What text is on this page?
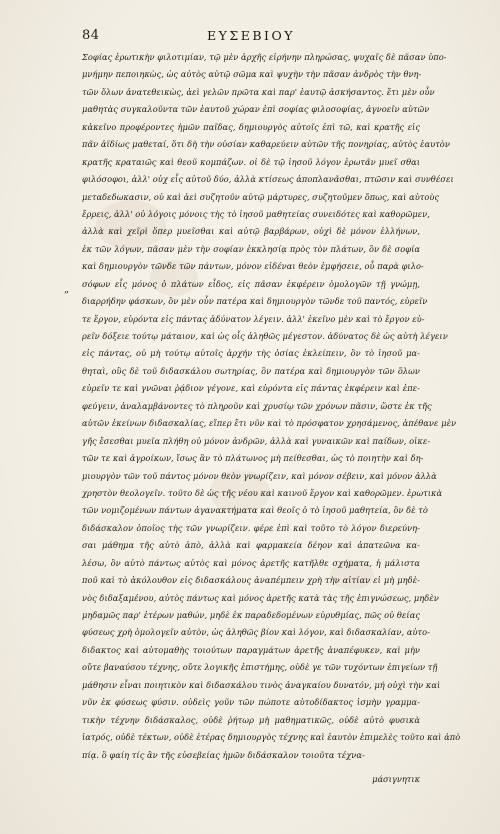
84	ΕΥΣΕΒΙΟΥ
„
Σοφίας ἐρωτικὴν φιλοτιμίαν, τῷ μὲν ἀρχῆς εἰρήνην πληρώσας, ψυχαῖς δὲ πᾶσαν ὑπο-
μνήμην πεποιηκὼς, ὡς αὐτὸς αὐτῷ σῶμα καὶ ψυχὴν τὴν πᾶσαν ἀνδρὸς τὴν θνη-
τῶν ὅλων ἀνατεθεικὼς, ἀεὶ γελῶν πρῶτα καὶ παρ' ἑαυτῷ ἀσκήσαντος. ἔτι μὲν οὖν
μαθητὰς συγκαλοῦντα τῶν ἑαυτοῦ χώραν ἐπὶ σοφίας φιλοσοφίας, ἀγνοεῖν αὐτῶν
κἀκεῖνο προφέροντες ἡμῶν παῖδας, δημιουργὸς αὐτοῖς ἐπὶ τῶ, καὶ κρατῆς εἰς
πᾶν ἀϊδίως μαθεταί, ὅτι δὴ τὴν οὐσίαν καθαρεύειν αὐτῶν τῆς πονηρίας, αὐτὸς ἑαυτὸν
κρατῆς κραταιῶς καὶ θεοῦ κομπάζων. οἱ δὲ τῷ ἰησοῦ λόγον ἐρωτᾶν μυεῖ σθαι
φιλόσοφοι, ἀλλ' οὐχ εἷς αὐτοῦ δύο, ἀλλὰ κτίσεως ἀποπλανᾶσθαι, πτῶσιν καὶ συνθέσει
μεταδεδωκασιν, οὐ καὶ ἀεὶ συζητοῦν αὐτῷ μάρτυρες, συζητοῦμεν ὅπως, καὶ αὐτοὺς
ἔρρεις, ἀλλ' οὐ λόγοις μόνοις τὴς τὸ ἰησοῦ μαθητείας συνειδότες καὶ καθορῶμεν,
ἀλλὰ καὶ χεῖρὶ ὅπερ μυεῖσθαι καὶ αὐτῷ βαρβάρων, οὐχὶ δὲ μόνον ἑλλήνων,
ἐκ τῶν λόγων, πᾶσαν μὲν τὴν σοφίαν ἐκκλησίᾳ πρὸς τὸν πλάτων, ὃν δὲ σοφία
καὶ δημιουργὸν τῶνδε τῶν πάντων, μόνον εἰδέναι θεὸν ἐμφήσειε, οὗ παρὰ φιλο-
σόφων εἷς μόνος ὁ πλάτων εἶδος, εἰς πᾶσαν ἐκφέρειν ὁμολογῶν τῇ γνώμῃ,
διαρρήδην φάσκων, ὃν μὲν οὖν πατέρα καὶ δημιουργὸν τῶνδε τοῦ παντός, εὑρεῖν
τε ἔργον, εὑρόντα εἰς πάντας ἀδύνατον λέγειν. ἀλλ' ἐκεῖνο μὲν καὶ τὸ ἔργον εὑ-
ρεῖν δόξειε τούτῳ μάταιον, καὶ ὡς οἷς ἀληθῶς μέγεστον. ἀδύνατος δὲ ὡς αὐτὴ λέγειν
εἰς πάντας, οὐ μὴ τούτῳ αὐτοῖς ἀρχήν τὴς ὁσίας ἐκλείπειν, ὃν τὸ ἰησοῦ μα-
θηταὶ, οὓς δὲ τοῦ διδασκάλου σωτηρίας, ὃν πατέρα καὶ δημιουργὸν τῶν ὅλων
εὑρεῖν τε καὶ γνῶναι ῥᾴδιον γέγονε, καὶ εὑρόντα εἰς πάντας ἐκφέρειν καὶ ἐπε-
φεύγειν, ἀναλαμβάνοντες τὸ πληροῦν καὶ χρυσίῳ τῶν χρόνων πᾶσιν, ὥστε ἐκ τῆς
αὐτῶν ἐκείνων διδασκαλίας, εἴπερ ἔτι νῦν καὶ τὸ πρόσφατον χρησάμενος, ἀπέθανε μὲν
γῆς ἔσεσθαι μυεῖα πλήθη οὐ μόνον ἀνδρῶν, ἀλλὰ καὶ γυναικῶν καὶ παίδων, οἰκε-
τῶν τε καὶ ἀγροίκων, ἴσως ἂν τὸ πλάτωνος μὴ πείθεσθαι, ὡς τὸ ποιητὴν καὶ δη-
μιουργὸν τῶν τοῦ πάντος μόνον θεὸν γνωρίζειν, καὶ μόνον σέβειν, καὶ μόνον ἀλλὰ
χρηστὸν θεολογεῖν. τοῦτο δὲ ὡς τῆς νέου καὶ καινοῦ ἔργον καὶ καθορῶμεν. ἐρωτικὰ
τῶν νομιζομένων πάντων ἀγανακτήματα καὶ θεοῖς ὁ τὸ ἰησοῦ μαθητεία, ὃν δὲ τὸ
διδάσκαλον ὁποῖος τὴς τῶν γνωρίζειν. φέρε ἐπὶ καὶ τοῦτο τὸ λόγον διερεύνη-
σαι μάθημα τῆς αὐτὸ ἀπὸ, ἀλλὰ καὶ φαρμακεία δέηον καὶ ἀπατεῶνα κα-
λέσω, ὃν αὐτὸ πάντως αὐτὸς καὶ μόνος ἀρετῆς κατῆλθε σχήματα, ἡ μάλιστα
ποῦ καὶ τὸ ἀκόλουθον εἰς διδασκάλους ἀναπέμπειν χρὴ τὴν αἰτίαν εἰ μὴ μηδὲ-
νὸς διδαξαμένου, αὐτὸς πάντως καὶ μόνος ἀρετῆς κατὰ τὰς τῆς ἐπιγνώσεως, μηδὲν
μηδαμῶς παρ' ἑτέρων μαθών, μηδὲ ἐκ παραδεδομένων εὐρυθμίας, πῶς οὐ θείας
φύσεως χρὴ ὁμολογεῖν αὐτὸν, ὡς ἀληθῶς βίον καὶ λόγον, καὶ διδασκαλίαν, αὐτο-
διδακτος καὶ αὐτομαθὴς τοιούτων παραγμάτων ἀρετῆς ἀναπέφυκεν, καὶ μὴν
οὔτε βαναύσου τέχνης, οὔτε λογικῆς ἐπιστήμης, οὐδὲ γε τῶν τυχόντων ἐπιγείων τῇ
μάθησιν εἶναι ποιητικὸν καὶ διδασκάλου τινὸς ἀναγκαίου δυνατόν, μή οὐχὶ τὴν καὶ
νῦν ἐκ φύσεως φύσιν. οὐδεὶς γοῦν τῶν πώποτε αὐτοδίδακτος ἰσμὴν γραμμα-
τικὴν τέχνην διδάσκαλος, οὐδὲ ῥήτωρ μὴ μαθηματικῶς, οὐδὲ αὐτὸ φυσικὰ
ἰατρός, οὐδὲ τέκτων, οὐδὲ ἑτέρας δημιουργὸς τέχνης καὶ ἑαυτὸν ἐπιμελὲς τοῦτο καὶ ἀπὸ
πίᾳ. ὃ φαίη τίς ἂν τῆς εὐσεβείας ἡμῶν διδάσκαλον τοιοῦτα τέχνα-
μάσιγνητικ
